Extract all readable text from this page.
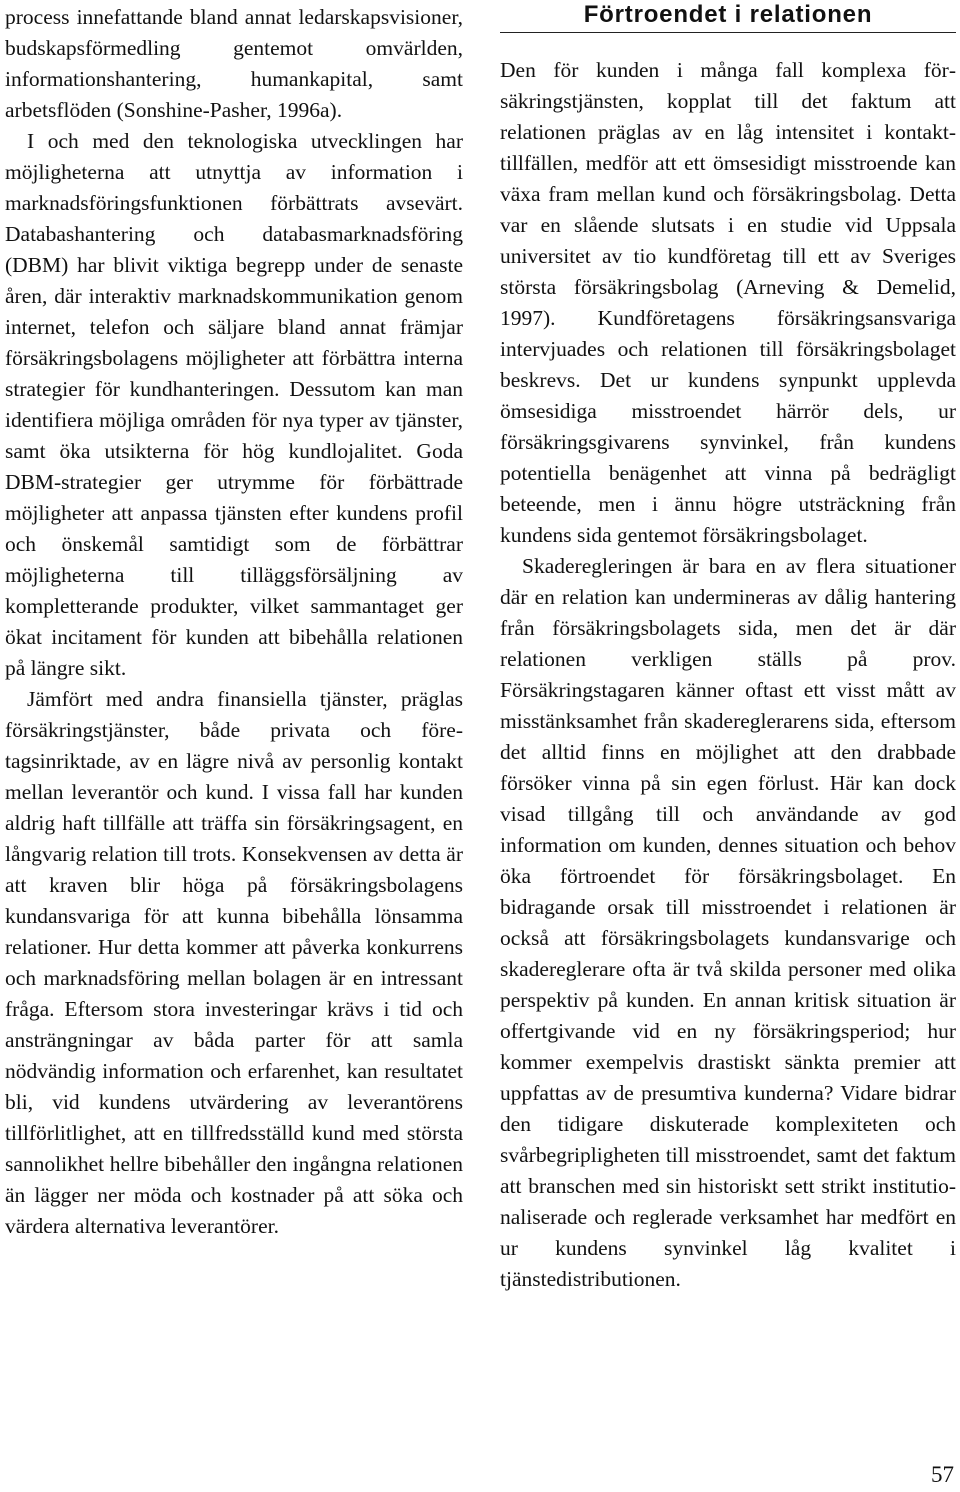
process innefattande bland annat ledarskapsvisioner, budskapsförmedling gentemot omvärlden, informationshantering, humankapital, samt arbetsflöden (Sonshine-Pasher, 1996a).

I och med den teknologiska utvecklingen har möjligheterna att utnyttja av information i marknadsföringsfunktionen förbättrats avsevärt. Databashantering och databasmarknadsföring (DBM) har blivit viktiga begrepp under de senaste åren, där interaktiv marknadskommunikation genom internet, telefon och säljare bland annat främjar försäkringsbolagens möjligheter att förbättra interna strategier för kundhanteringen. Dessutom kan man identifiera möjliga områden för nya typer av tjänster, samt öka utsikterna för hög kundlojalitet. Goda DBM-strategier ger utrymme för förbättrade möjligheter att anpassa tjänsten efter kundens profil och önskemål samtidigt som de förbättrar möjligheterna till tilläggsförsäljning av kompletterande produkter, vilket sammantaget ger ökat incitament för kunden att bibehålla relationen på längre sikt.

Jämfört med andra finansiella tjänster, präglas försäkringstjänster, både privata och företagsinriktade, av en lägre nivå av personlig kontakt mellan leverantör och kund. I vissa fall har kunden aldrig haft tillfälle att träffa sin försäkringsagent, en långvarig relation till trots. Konsekvensen av detta är att kraven blir höga på försäkringsbolagens kundansvariga för att kunna bibehålla lönsamma relationer. Hur detta kommer att påverka konkurrens och marknadsföring mellan bolagen är en intressant fråga. Eftersom stora investeringar krävs i tid och ansträngningar av båda parter för att samla nödvändig information och erfarenhet, kan resultatet bli, vid kundens utvärdering av leverantörens tillförlitlighet, att en tillfredsställd kund med största sannolikhet hellre bibehåller den ingångna relationen än lägger ner möda och kostnader på att söka och värdera alternativa leverantörer.

Förtroendet i relationen

Den för kunden i många fall komplexa försäkringstjänsten, kopplat till det faktum att relationen präglas av en låg intensitet i kontakttillfällen, medför att ett ömsesidigt misstroende kan växa fram mellan kund och försäkringsbolag. Detta var en slående slutsats i en studie vid Uppsala universitet av tio kundföretag till ett av Sveriges största försäkringsbolag (Arneving & Demelid, 1997). Kundföretagens försäkringsansvariga intervjuades och relationen till försäkringsbolaget beskrevs. Det ur kundens synpunkt upplevda ömsesidiga misstroendet härrör dels, ur försäkringsgivarens synvinkel, från kundens potentiella benägenhet att vinna på bedrägligt beteende, men i ännu högre utsträckning från kundens sida gentemot försäkringsbolaget.

Skaderegleringen är bara en av flera situationer där en relation kan undermineras av dålig hantering från försäkringsbolagets sida, men det är där relationen verkligen ställs på prov. Försäkringstagaren känner oftast ett visst mått av misstänksamhet från skadereglerarens sida, eftersom det alltid finns en möjlighet att den drabbade försöker vinna på sin egen förlust. Här kan dock visad tillgång till och användande av god information om kunden, dennes situation och behov öka förtroendet för försäkringsbolaget. En bidragande orsak till misstroendet i relationen är också att försäkringsbolagets kundansvarige och skadereglerare ofta är två skilda personer med olika perspektiv på kunden. En annan kritisk situation är offertgivande vid en ny försäkringsperiod; hur kommer exempelvis drastiskt sänkta premier att uppfattas av de presumtiva kunderna? Vidare bidrar den tidigare diskuterade komplexiteten och svårbegripligheten till misstroendet, samt det faktum att branschen med sin historiskt sett strikt institutionaliserade och reglerade verksamhet har medfört en ur kundens synvinkel låg kvalitet i tjänstedistributionen.

57
